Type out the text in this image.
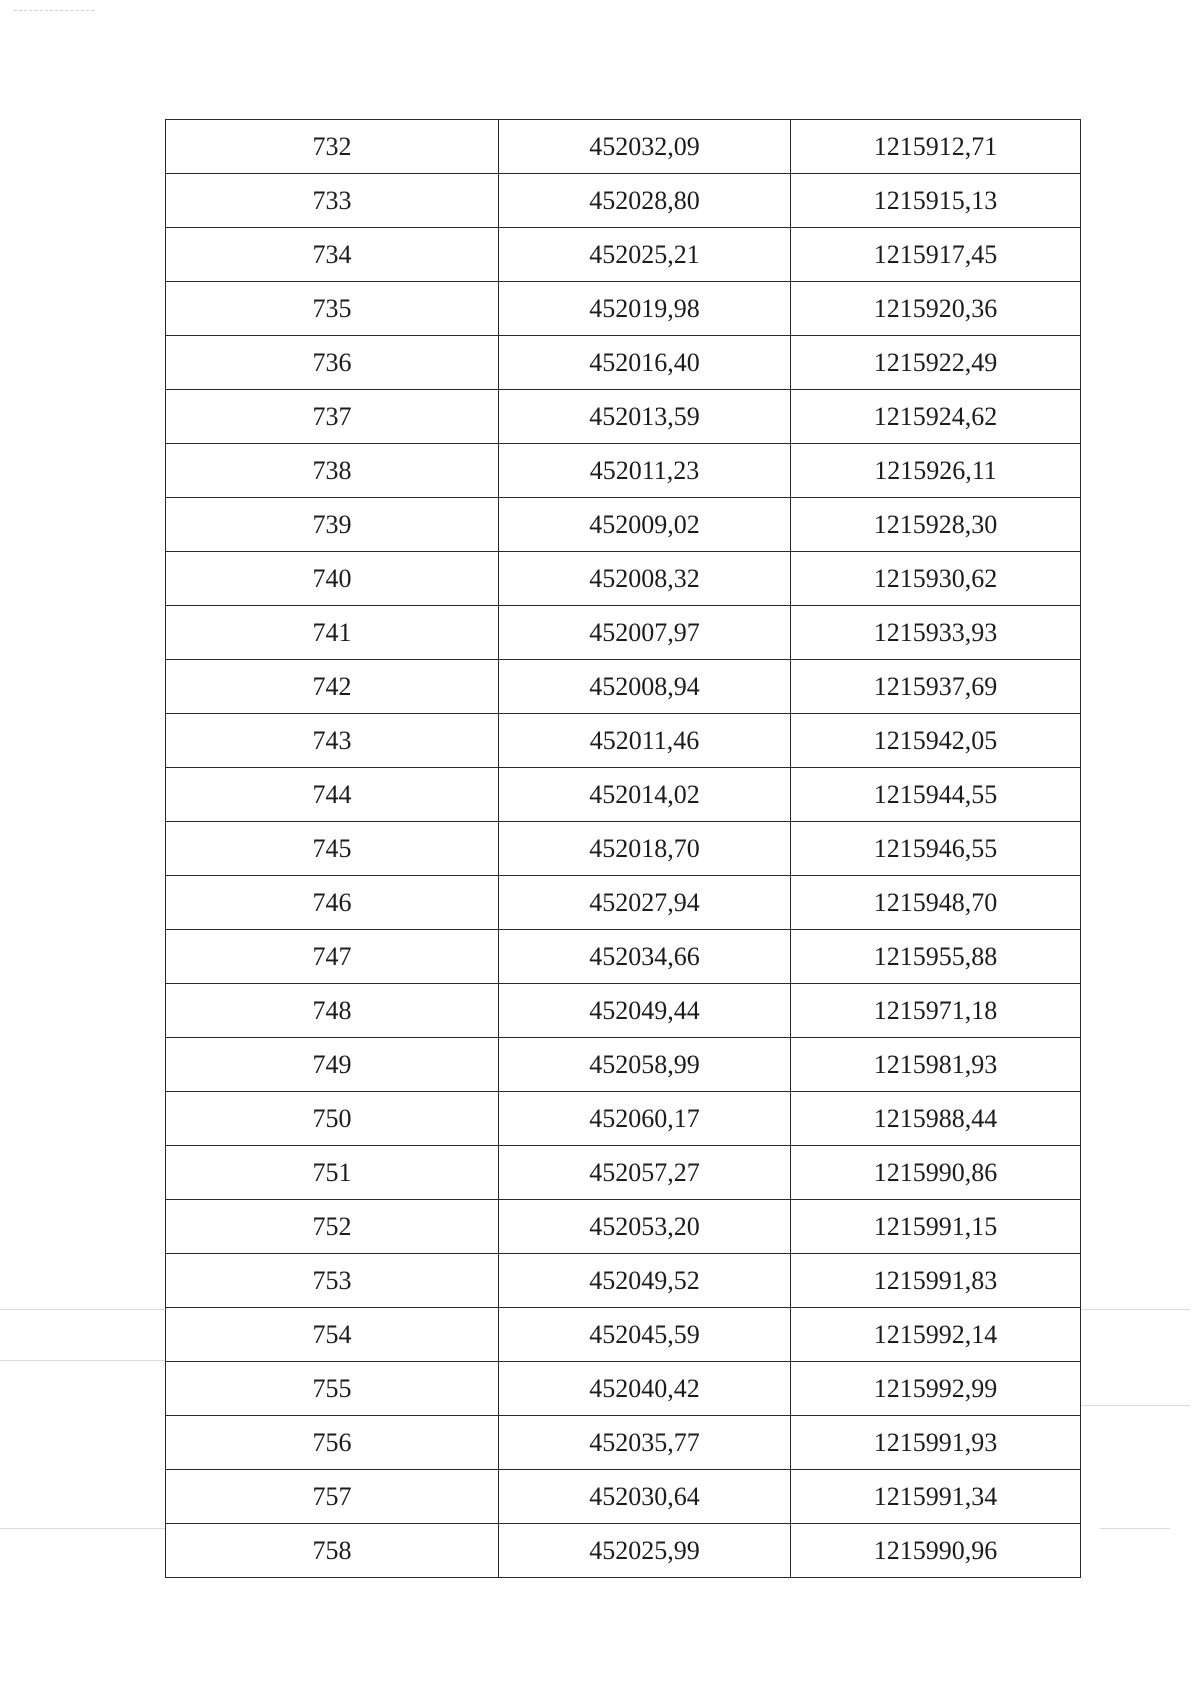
732	452032,09	1215912,71
733	452028,80	1215915,13
734	452025,21	1215917,45
735	452019,98	1215920,36
736	452016,40	1215922,49
737	452013,59	1215924,62
738	452011,23	1215926,11
739	452009,02	1215928,30
740	452008,32	1215930,62
741	452007,97	1215933,93
742	452008,94	1215937,69
743	452011,46	1215942,05
744	452014,02	1215944,55
745	452018,70	1215946,55
746	452027,94	1215948,70
747	452034,66	1215955,88
748	452049,44	1215971,18
749	452058,99	1215981,93
750	452060,17	1215988,44
751	452057,27	1215990,86
752	452053,20	1215991,15
753	452049,52	1215991,83
754	452045,59	1215992,14
755	452040,42	1215992,99
756	452035,77	1215991,93
757	452030,64	1215991,34
758	452025,99	1215990,96
